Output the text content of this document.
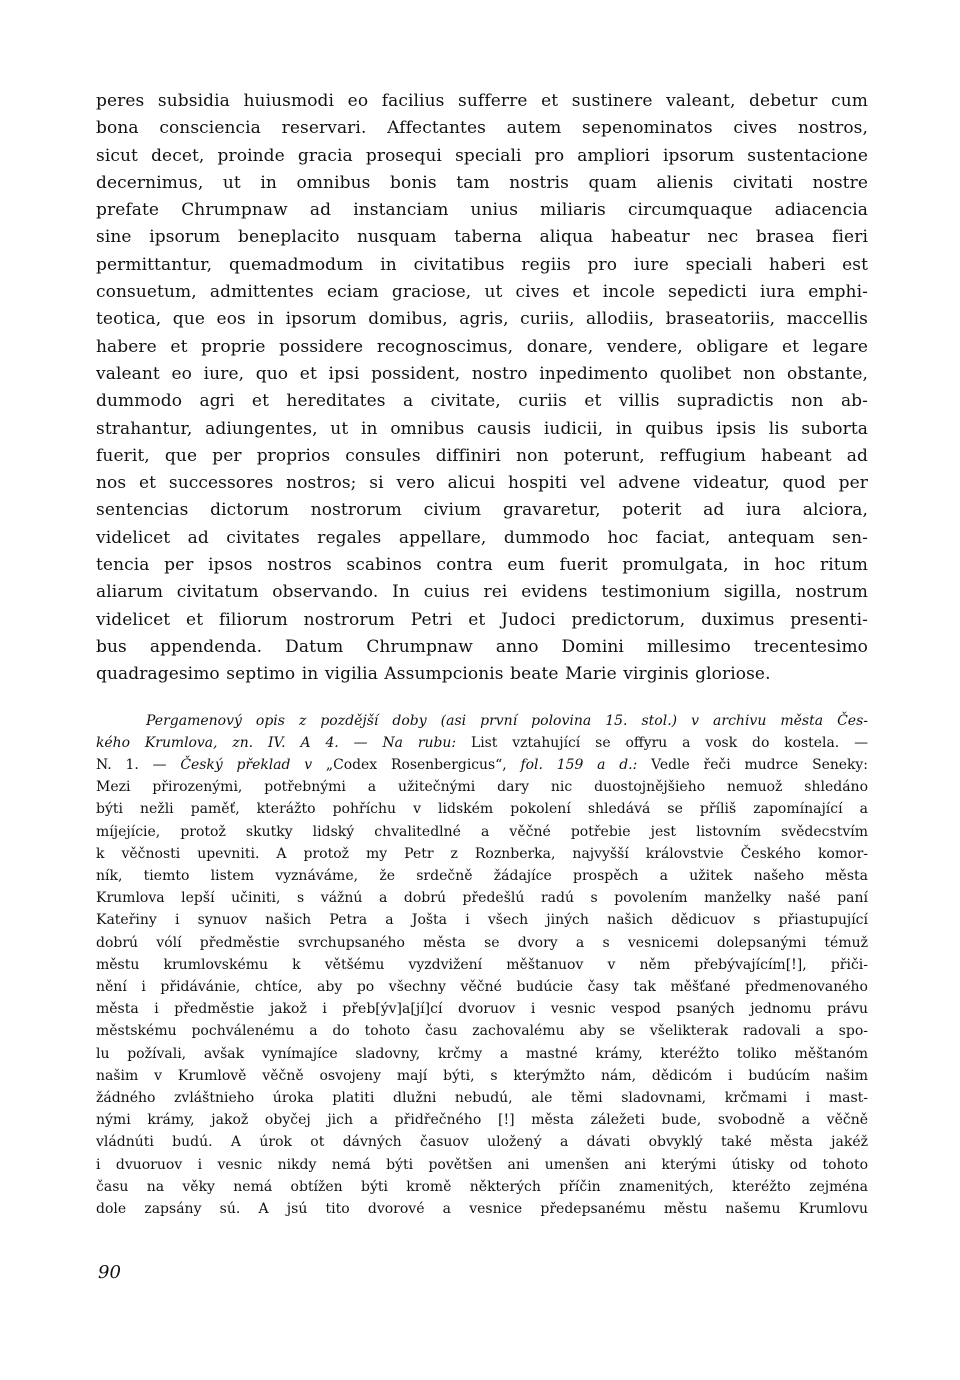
peres subsidia huiusmodi eo facilius sufferre et sustinere valeant, debetur cum
bona consciencia reservari. Affectantes autem sepenominatos cives nostros,
sicut decet, proinde gracia prosequi speciali pro ampliori ipsorum sustentacione
decernimus, ut in omnibus bonis tam nostris quam alienis civitati nostre
prefate Chrumpnaw ad instanciam unius miliaris circumquaque adiacencia
sine ipsorum beneplacito nusquam taberna aliqua habeatur nec brasea fieri
permittantur, quemadmodum in civitatibus regiis pro iure speciali haberi est
consuetum, admittentes eciam graciose, ut cives et incole sepedicti iura emphi-
teotica, que eos in ipsorum domibus, agris, curiis, allodiis, braseatoriis, maccellis
habere et proprie possidere recognoscimus, donare, vendere, obligare et legare
valeant eo iure, quo et ipsi possident, nostro inpedimento quolibet non obstante,
dummodo agri et hereditates a civitate, curiis et villis supradictis non ab-
strahantur, adiungentes, ut in omnibus causis iudicii, in quibus ipsis lis suborta
fuerit, que per proprios consules diffiniri non poterunt, reffugium habeant ad
nos et successores nostros; si vero alicui hospiti vel advene videatur, quod per
sentencias dictorum nostrorum civium gravaretur, poterit ad iura alciora,
videlicet ad civitates regales appellare, dummodo hoc faciat, antequam sen-
tencia per ipsos nostros scabinos contra eum fuerit promulgata, in hoc ritum
aliarum civitatum observando. In cuius rei evidens testimonium sigilla, nostrum
videlicet et filiorum nostrorum Petri et Judoci predictorum, duximus presenti-
bus appendenda. Datum Chrumpnaw anno Domini millesimo trecentesimo
quadragesimo septimo in vigilia Assumpcionis beate Marie virginis gloriose.
Pergamenový opis z pozdější doby (asi první polovina 15. stol.) v archivu města Čes-
kého Krumlova, zn. IV. A 4. — Na rubu: List vztahující se offyru a vosk do kostela. —
N. 1. — Český překlad v „Codex Rosenbergicus“, fol. 159 a d.: Vedle řeči mudrce Seneky:
Mezi přirozenými, potřebnými a užitečnými dary nic duostojnějšieho nemuož shledáno
býti nežli paměť, kterážto pohříchu v lidském pokolení shledává se příliš zapomínající a
míjejície, protož skutky lidský chvalitedlné a věčné potřebie jest listovním svědecstvím
k věčnosti upevniti. A protož my Petr z Roznberka, najvyšší královstvie Českého komor-
ník, tiemto listem vyznáváme, že srdečně žádajíce prospěch a užitek našeho města
Krumlova lepší učiniti, s vážnú a dobrú předešlú radú s povolením manželky našé paní
Kateřiny i synuov našich Petra a Jošta i všech jiných našich dědicuov s přiastupující
dobrú vólí předměstie svrchupsaného města se dvory a s vesnicemi dolepsanými témuž
městu krumlovskému k většému vyzdvižení měštanuov v něm přebývajícím[!], přiči-
nění i přidávánie, chtíce, aby po všechny věčné budúcie časy tak měšťané předmenovaného
města i předměstie jakož i přeb[ýv]a[jí]cí dvoruov i vesnic vespod psaných jednomu právu
městskému pochválenému a do tohoto času zachovalému aby se všelikterak radovali a spo-
lu požívali, avšak vynímajíce sladovny, krčmy a mastné krámy, kteréžto toliko měštanóm
našim v Krumlově věčně osvojeny mají býti, s kterýmžto nám, dědicóm i budúcím našim
žádného zvláštnieho úroka platiti dlužni nebudú, ale těmi sladovnami, krčmami i mast-
nými krámy, jakož obyčej jich a přidřečného [!] města záležeti bude, svobodně a věčně
vládnúti budú. A úrok ot dávných časuov uložený a dávati obvyklý také města jakéž
i dvuoruov i vesnic nikdy nemá býti povětšen ani umenšen ani kterými útisky od tohoto
času na věky nemá obtížen býti kromě některých příčin znamenitých, kteréžto zejména
dole zapsány sú. A jsú tito dvorové a vesnice předepsanému městu našemu Krumlovu
90
